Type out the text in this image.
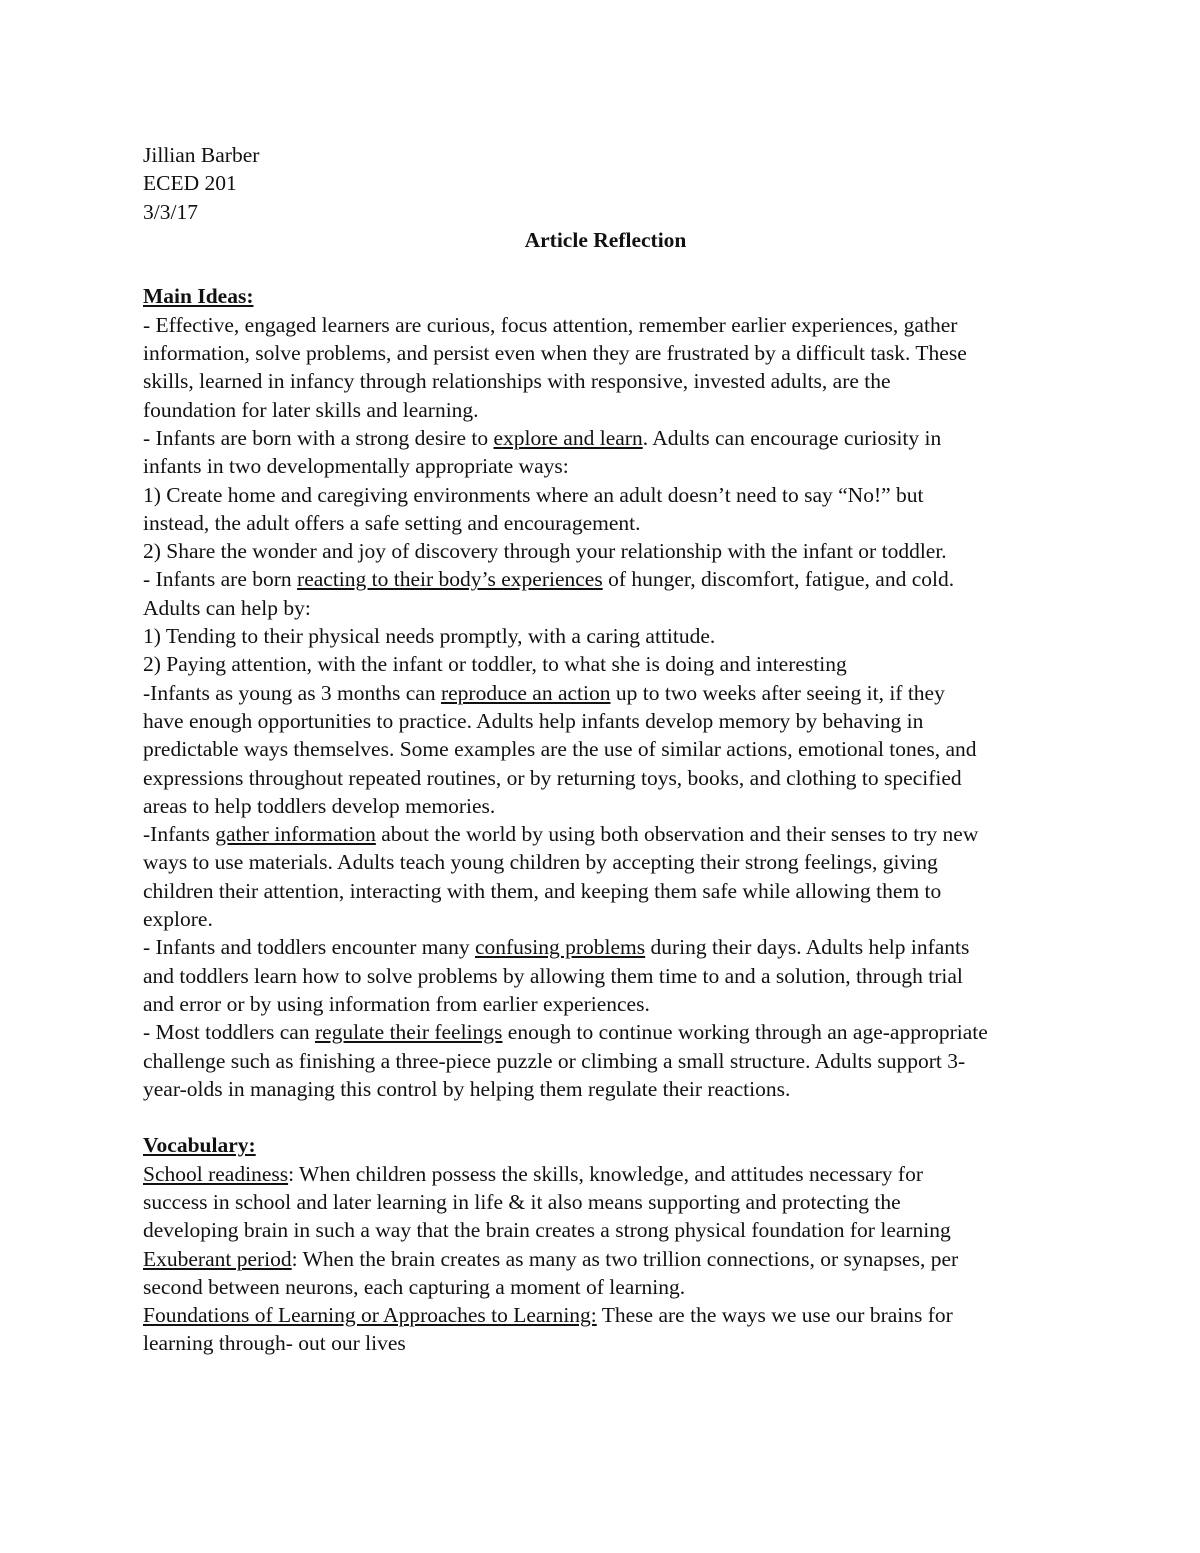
Jillian Barber
ECED 201
3/3/17
Article Reflection
Main Ideas:
- Effective, engaged learners are curious, focus attention, remember earlier experiences, gather
information, solve problems, and persist even when they are frustrated by a difficult task. These
skills, learned in infancy through relationships with responsive, invested adults, are the
foundation for later skills and learning.
- Infants are born with a strong desire to explore and learn. Adults can encourage curiosity in
infants in two developmentally appropriate ways:
1) Create home and caregiving environments where an adult doesn’t need to say “No!” but
instead, the adult offers a safe setting and encouragement.
2) Share the wonder and joy of discovery through your relationship with the infant or toddler.
- Infants are born reacting to their body’s experiences of hunger, discomfort, fatigue, and cold.
Adults can help by:
1) Tending to their physical needs promptly, with a caring attitude.
2) Paying attention, with the infant or toddler, to what she is doing and interesting
-Infants as young as 3 months can reproduce an action up to two weeks after seeing it, if they
have enough opportunities to practice. Adults help infants develop memory by behaving in
predictable ways themselves. Some examples are the use of similar actions, emotional tones, and
expressions throughout repeated routines, or by returning toys, books, and clothing to specified
areas to help toddlers develop memories.
-Infants gather information about the world by using both observation and their senses to try new
ways to use materials. Adults teach young children by accepting their strong feelings, giving
children their attention, interacting with them, and keeping them safe while allowing them to
explore.
- Infants and toddlers encounter many confusing problems during their days. Adults help infants
and toddlers learn how to solve problems by allowing them time to and a solution, through trial
and error or by using information from earlier experiences.
- Most toddlers can regulate their feelings enough to continue working through an age-appropriate
challenge such as finishing a three-piece puzzle or climbing a small structure. Adults support 3-
year-olds in managing this control by helping them regulate their reactions.
Vocabulary:
School readiness: When children possess the skills, knowledge, and attitudes necessary for
success in school and later learning in life & it also means supporting and protecting the
developing brain in such a way that the brain creates a strong physical foundation for learning
Exuberant period: When the brain creates as many as two trillion connections, or synapses, per
second between neurons, each capturing a moment of learning.
Foundations of Learning or Approaches to Learning: These are the ways we use our brains for
learning through- out our lives
